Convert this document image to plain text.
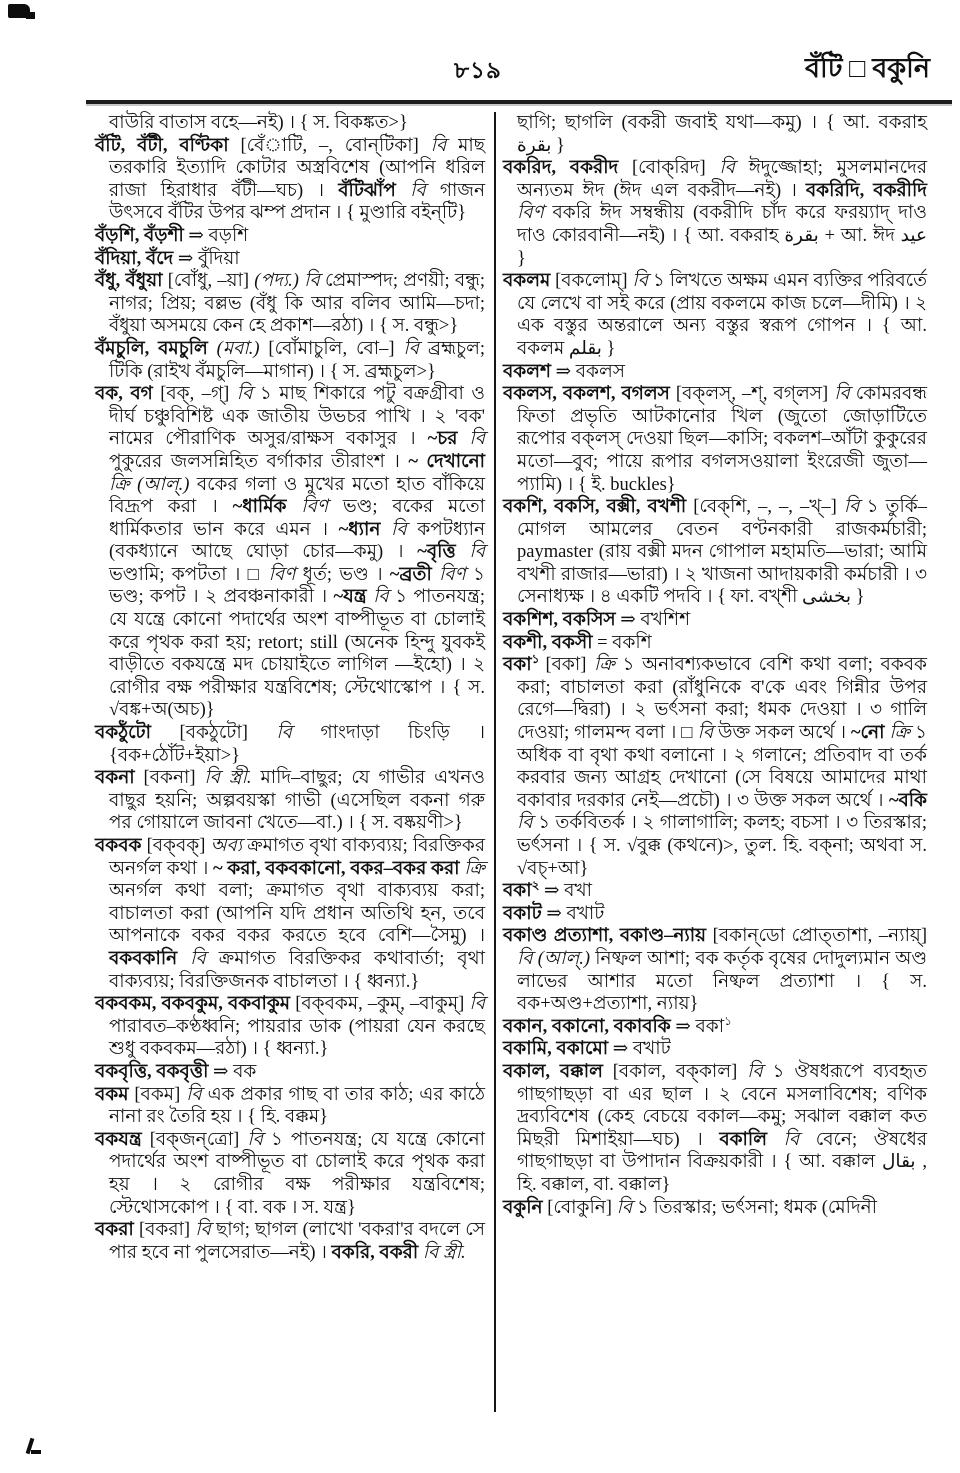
৮১৯	বঁটি □ বকুনি

বাউরি বাতাস বহে—নই) । { স. বিকঙ্কত>}

বঁটি, বঁটী, বণ্টিকা [বেঁাটি, –, বোন্‌টিকা] বি মাছ তরকারি ইত্যাদি কোটার অস্ত্রবিশেষ (আপনি ধরিল রাজা হিরাধার বঁটী—ঘচ) । বঁটিঝাঁপ বি গাজন উৎসবে বঁটির উপর ঝম্প প্রদান । { মুণ্ডারি বইন্‌টি}

বঁড়শি, বঁড়শী ⇒ বড়শি

বঁদিয়া, বঁদে ⇒ বুঁদিয়া

বঁধু, বঁধুয়া [বোঁধু, –য়া] (পদ্য.) বি প্রেমাস্পদ; প্রণয়ী; বন্ধু; নাগর; প্রিয়; বল্লভ (বঁধু কি আর বলিব আমি—চদা; বঁধুয়া অসময়ে কেন হে প্রকাশ—রঠা) । { স. বন্ধু>}

বঁমচুলি, বমচুলি (মবা.) [বোঁমাচুলি, বো–] বি ব্রহ্মচুল; টিকি (রাইখ বঁমচুলি—মাগান) । { স. ব্রহ্মচুল>}

বক, বগ [বক্, –গ্] বি ১ মাছ শিকারে পটু বক্রগ্রীবা ও দীর্ঘ চঞ্চুবিশিষ্ট এক জাতীয় উভচর পাখি । ২ 'বক' নামের পৌরাণিক অসুর/রাক্ষস বকাসুর । ~চর বি পুকুরের জলসন্নিহিত বর্গাকার তীরাংশ । ~ দেখানো ক্রি (আল্.) বকের গলা ও মুখের মতো হাত বাঁকিয়ে বিদ্রূপ করা । ~ধার্মিক বিণ ভণ্ড; বকের মতো ধার্মিকতার ভান করে এমন । ~ধ্যান বি কপটধ্যান (বকধ্যানে আছে ঘোড়া চোর—কমু) । ~বৃত্তি বি ভণ্ডামি; কপটতা । □ বিণ ধূর্ত; ভণ্ড । ~ব্রতী বিণ ১ ভণ্ড; কপট । ২ প্রবঞ্চনাকারী । ~যন্ত্র বি ১ পাতনযন্ত্র; যে যন্ত্রে কোনো পদার্থের অংশ বাষ্পীভূত বা চোলাই করে পৃথক করা হয়; retort; still (অনেক হিন্দু যুবকই বাড়ীতে বকযন্ত্রে মদ চোয়াইতে লাগিল —ইহো) । ২ রোগীর বক্ষ পরীক্ষার যন্ত্রবিশেষ; স্টেথোস্কোপ । { স. √বঙ্ক+অ(অচ)}

বকঠুঁটো [বকঠুটো] বি গাংদাড়া চিংড়ি । {বক+ঠোঁট+ইয়া>}

বকনা [বকনা] বি স্ত্রী. মাদি–বাছুর; যে গাভীর এখনও বাছুর হয়নি; অল্পবয়স্কা গাভী (এসেছিল বকনা গরু পর গোয়ালে জাবনা খেতে—বা.) । { স. বষ্কয়ণী>}

বকবক [বক্‌বক্] অব্য ক্রমাগত বৃথা বাক্যব্যয়; বিরক্তিকর অনর্গল কথা । ~ করা, বকবকানো, বকর–বকর করা ক্রি অনর্গল কথা বলা; ক্রমাগত বৃথা বাক্যব্যয় করা; বাচালতা করা (আপনি যদি প্রধান অতিথি হন, তবে আপনাকে বকর বকর করতে হবে বেশি—সৈমু) । বকবকানি বি ক্রমাগত বিরক্তিকর কথাবার্তা; বৃথা বাক্যব্যয়; বিরক্তিজনক বাচালতা । { ধ্বন্যা.}

বকবকম, বকবকুম, বকবাকুম [বক্‌বকম, –কুম্, –বাকুম্] বি পারাবত–কণ্ঠধ্বনি; পায়রার ডাক (পায়রা যেন করছে শুধু বকবকম—রঠা) । { ধ্বন্যা.}

বকবৃত্তি, বকবৃত্তী ⇒ বক

বকম [বকম] বি এক প্রকার গাছ বা তার কাঠ; এর কাঠে নানা রং তৈরি হয় । { হি. বক্কম}

বকযন্ত্র [বক্‌জন্‌ত্রো] বি ১ পাতনযন্ত্র; যে যন্ত্রে কোনো পদার্থের অংশ বাষ্পীভূত বা চোলাই করে পৃথক করা হয় । ২ রোগীর বক্ষ পরীক্ষার যন্ত্রবিশেষ; স্টেথোসকোপ । { বা. বক । স. যন্ত্র}

বকরা [বকরা] বি ছাগ; ছাগল (লাখো 'বকরা'র বদলে সে পার হবে না পুলসেরাত—নই) । বকরি, বকরী বি স্ত্রী.

ছাগি; ছাগলি (বকরী জবাই যথা—কমু) । { আ. বকরাহ بقرة }

বকরিদ, বকরীদ [বোক্‌রিদ] বি ঈদুজ্জোহা; মুসলমানদের অন্যতম ঈদ (ঈদ এল বকরীদ—নই) । বকরিদি, বকরীদি বিণ বকরি ঈদ সম্বন্ধীয় (বকরীদি চাঁদ করে ফরয়্যাদ্ দাও দাও কোরবানী—নই) । { আ. বকরাহ بقرة + আ. ঈদ عيد }

বকলম [বকলোম্] বি ১ লিখতে অক্ষম এমন ব্যক্তির পরিবর্তে যে লেখে বা সই করে (প্রায় বকলমে কাজ চলে—দীমি) । ২ এক বস্তুর অন্তরালে অন্য বস্তুর স্বরূপ গোপন । { আ. বকলম بقلم }

বকলশ ⇒ বকলস

বকলস, বকলশ, বগলস [বক্‌লস্, –শ্, বগ্‌লস] বি কোমরবন্ধ ফিতা প্রভৃতি আটকানোর খিল (জুতো জোড়াটিতে রূপোর বক্‌লস্ দেওয়া ছিল—কাসি; বকলশ–আঁটা কুকুরের মতো—বুব; পায়ে রূপার বগলসওয়ালা ইংরেজী জুতা—প্যামি) । { ই. buckles}

বকশি, বকসি, বক্সী, বখশী [বেক্‌শি, –, –, –খ্‌–] বি ১ তুর্কি–মোগল আমলের বেতন বণ্টনকারী রাজকর্মচারী; paymaster (রায় বক্সী মদন গোপাল মহামতি—ভারা; আমি বখশী রাজার—ভারা) । ২ খাজনা আদায়কারী কর্মচারী । ৩ সেনাধ্যক্ষ । ৪ একটি পদবি । { ফা. বখ্‌শী بخشى }

বকশিশ, বকসিস ⇒ বখশিশ

বকশী, বকসী = বকশি

বকা$^১$ [বকা] ক্রি ১ অনাবশ্যকভাবে বেশি কথা বলা; বকবক করা; বাচালতা করা (রাঁধুনিকে ব'কে এবং গিন্নীর উপর রেগে—দ্বিরা) । ২ ভর্ৎসনা করা; ধমক দেওয়া । ৩ গালি দেওয়া; গালমন্দ বলা । □ বি উক্ত সকল অর্থে । ~নো ক্রি ১ অধিক বা বৃথা কথা বলানো । ২ গলানে; প্রতিবাদ বা তর্ক করবার জন্য আগ্রহ দেখানো (সে বিষয়ে আমাদের মাথা বকাবার দরকার নেই—প্রচৌ) । ৩ উক্ত সকল অর্থে । ~বকি বি ১ তর্কবিতর্ক । ২ গালাগালি; কলহ; বচসা । ৩ তিরস্কার; ভর্ৎসনা । { স. √বুক্ক (কথনে)>, তুল. হি. বক্‌না; অথবা স. √বচ্+আ}

বকা$^২$ ⇒ বখা

বকাট ⇒ বখাট

বকাণ্ড প্রত্যাশা, বকাণ্ড–ন্যায় [বকান্‌ডো প্রোত্‌তাশা, –ন্যায়্] বি (আল্.) নিষ্ফল আশা; বক কর্তৃক বৃষের দোদুল্যমান অণ্ড লাভের আশার মতো নিষ্ফল প্রত্যাশা । { স. বক+অণ্ড+প্রত্যাশা, ন্যায়}

বকান, বকানো, বকাবকি ⇒ বকা$^১$

বকামি, বকামো ⇒ বখাট

বকাল, বক্কাল [বকাল, বক্‌কাল] বি ১ ঔষধরূপে ব্যবহৃত গাছগাছড়া বা এর ছাল । ২ বেনে মসলাবিশেষ; বণিক দ্রব্যবিশেষ (কেহ বেচয়ে বকাল—কমু; সঝাল বক্কাল কত মিছরী মিশাইয়া—ঘচ) । বকালি বি বেনে; ঔষধের গাছগাছড়া বা উপাদান বিক্রয়কারী । { আ. বক্কাল بقال , হি. বক্কাল, বা. বক্কাল}

বকুনি [বোকুনি] বি ১ তিরস্কার; ভর্ৎসনা; ধমক (মেদিনী
